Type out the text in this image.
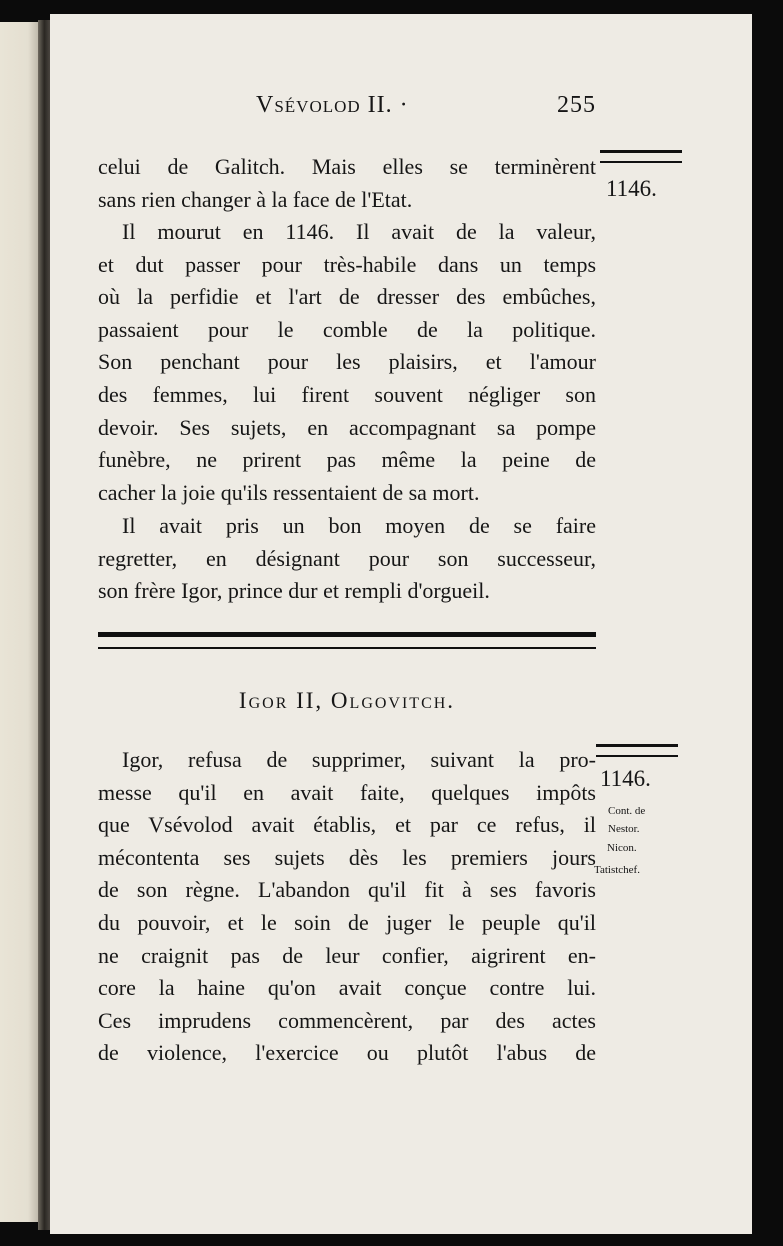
Vsévolod II. ·	255
celui de Galitch. Mais elles se terminèrent
sans rien changer à la face de l'Etat.
Il mourut en 1146. Il avait de la valeur,
et dut passer pour très-habile dans un temps
où la perfidie et l'art de dresser des embûches,
passaient pour le comble de la politique.
Son penchant pour les plaisirs, et l'amour
des femmes, lui firent souvent négliger son
devoir. Ses sujets, en accompagnant sa pompe
funèbre, ne prirent pas même la peine de
cacher la joie qu'ils ressentaient de sa mort.
Il avait pris un bon moyen de se faire
regretter, en désignant pour son successeur,
son frère Igor, prince dur et rempli d'orgueil.
Igor II, Olgovitch.
Igor, refusa de supprimer, suivant la pro-
messe qu'il en avait faite, quelques impôts
que Vsévolod avait établis, et par ce refus, il
mécontenta ses sujets dès les premiers jours
de son règne. L'abandon qu'il fit à ses favoris
du pouvoir, et le soin de juger le peuple qu'il
ne craignit pas de leur confier, aigrirent en-
core la haine qu'on avait conçue contre lui.
Ces imprudens commencèrent, par des actes
de violence, l'exercice ou plutôt l'abus de
1146.
1146.
Cont. de
Nestor.
Nicon.
Tatistchef.
